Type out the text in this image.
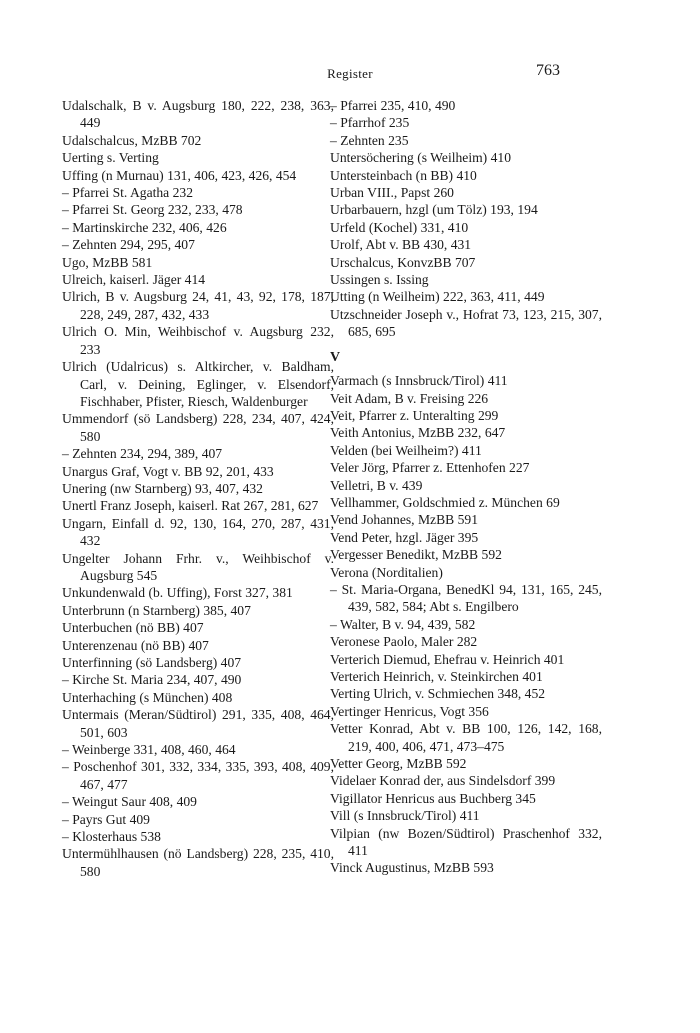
Register	763
Udalschalk, B v. Augsburg 180, 222, 238, 363, 449
Udalschalcus, MzBB 702
Uerting s. Verting
Uffing (n Murnau) 131, 406, 423, 426, 454
– Pfarrei St. Agatha 232
– Pfarrei St. Georg 232, 233, 478
– Martinskirche 232, 406, 426
– Zehnten 294, 295, 407
Ugo, MzBB 581
Ulreich, kaiserl. Jäger 414
Ulrich, B v. Augsburg 24, 41, 43, 92, 178, 187, 228, 249, 287, 432, 433
Ulrich O. Min, Weihbischof v. Augsburg 232, 233
Ulrich (Udalricus) s. Altkircher, v. Baldham, Carl, v. Deining, Eglinger, v. Elsendorf, Fischhaber, Pfister, Riesch, Waldenburger
Ummendorf (sö Landsberg) 228, 234, 407, 424, 580
– Zehnten 234, 294, 389, 407
Unargus Graf, Vogt v. BB 92, 201, 433
Unering (nw Starnberg) 93, 407, 432
Unertl Franz Joseph, kaiserl. Rat 267, 281, 627
Ungarn, Einfall d. 92, 130, 164, 270, 287, 431, 432
Ungelter Johann Frhr. v., Weihbischof v. Augsburg 545
Unkundenwald (b. Uffing), Forst 327, 381
Unterbrunn (n Starnberg) 385, 407
Unterbuchen (nö BB) 407
Unterenzenau (nö BB) 407
Unterfinning (sö Landsberg) 407
– Kirche St. Maria 234, 407, 490
Unterhaching (s München) 408
Untermais (Meran/Südtirol) 291, 335, 408, 464, 501, 603
– Weinberge 331, 408, 460, 464
– Poschenhof 301, 332, 334, 335, 393, 408, 409, 467, 477
– Weingut Saur 408, 409
– Payrs Gut 409
– Klosterhaus 538
Untermühlhausen (nö Landsberg) 228, 235, 410, 580
– Pfarrei 235, 410, 490
– Pfarrhof 235
– Zehnten 235
Untersöchering (s Weilheim) 410
Untersteinbach (n BB) 410
Urban VIII., Papst 260
Urbarbauern, hzgl (um Tölz) 193, 194
Urfeld (Kochel) 331, 410
Urolf, Abt v. BB 430, 431
Urschalcus, KonvzBB 707
Ussingen s. Issing
Utting (n Weilheim) 222, 363, 411, 449
Utzschneider Joseph v., Hofrat 73, 123, 215, 307, 685, 695
V
Varmach (s Innsbruck/Tirol) 411
Veit Adam, B v. Freising 226
Veit, Pfarrer z. Unteralting 299
Veith Antonius, MzBB 232, 647
Velden (bei Weilheim?) 411
Veler Jörg, Pfarrer z. Ettenhofen 227
Velletri, B v. 439
Vellhammer, Goldschmied z. München 69
Vend Johannes, MzBB 591
Vend Peter, hzgl. Jäger 395
Vergesser Benedikt, MzBB 592
Verona (Norditalien)
– St. Maria-Organa, BenedKl 94, 131, 165, 245, 439, 582, 584; Abt s. Engilbero
– Walter, B v. 94, 439, 582
Veronese Paolo, Maler 282
Verterich Diemud, Ehefrau v. Heinrich 401
Verterich Heinrich, v. Steinkirchen 401
Verting Ulrich, v. Schmiechen 348, 452
Vertinger Henricus, Vogt 356
Vetter Konrad, Abt v. BB 100, 126, 142, 168, 219, 400, 406, 471, 473–475
Vetter Georg, MzBB 592
Videlaer Konrad der, aus Sindelsdorf 399
Vigillator Henricus aus Buchberg 345
Vill (s Innsbruck/Tirol) 411
Vilpian (nw Bozen/Südtirol) Praschenhof 332, 411
Vinck Augustinus, MzBB 593
